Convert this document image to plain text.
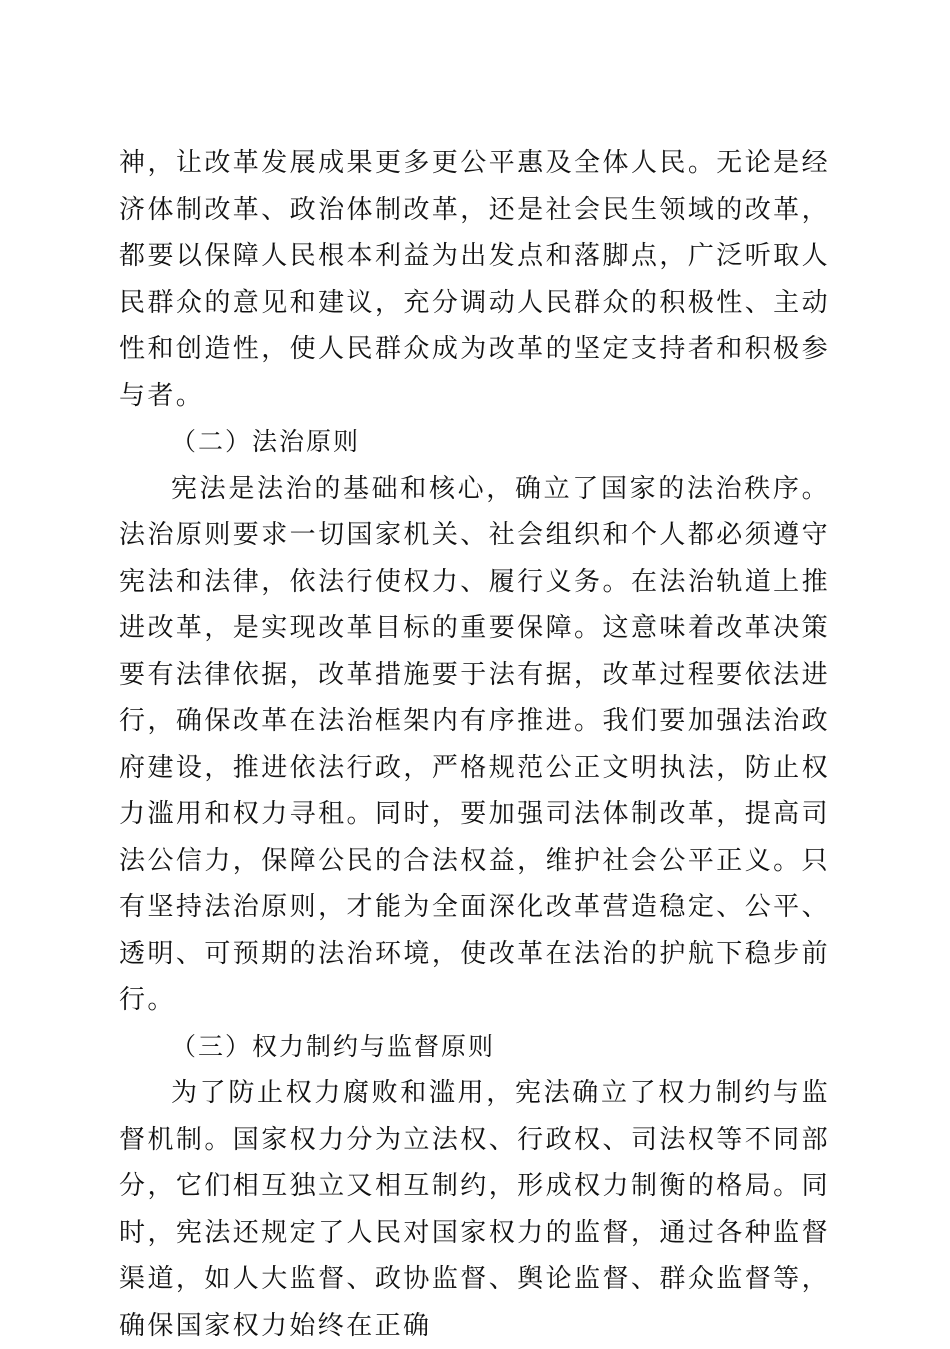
神，让改革发展成果更多更公平惠及全体人民。无论是经济体制改革、政治体制改革，还是社会民生领域的改革，都要以保障人民根本利益为出发点和落脚点，广泛听取人民群众的意见和建议，充分调动人民群众的积极性、主动性和创造性，使人民群众成为改革的坚定支持者和积极参与者。

（二）法治原则

宪法是法治的基础和核心，确立了国家的法治秩序。法治原则要求一切国家机关、社会组织和个人都必须遵守宪法和法律，依法行使权力、履行义务。在法治轨道上推进改革，是实现改革目标的重要保障。这意味着改革决策要有法律依据，改革措施要于法有据，改革过程要依法进行，确保改革在法治框架内有序推进。我们要加强法治政府建设，推进依法行政，严格规范公正文明执法，防止权力滥用和权力寻租。同时，要加强司法体制改革，提高司法公信力，保障公民的合法权益，维护社会公平正义。只有坚持法治原则，才能为全面深化改革营造稳定、公平、透明、可预期的法治环境，使改革在法治的护航下稳步前行。

（三）权力制约与监督原则

为了防止权力腐败和滥用，宪法确立了权力制约与监督机制。国家权力分为立法权、行政权、司法权等不同部分，它们相互独立又相互制约，形成权力制衡的格局。同时，宪法还规定了人民对国家权力的监督，通过各种监督渠道，如人大监督、政协监督、舆论监督、群众监督等，确保国家权力始终在正确
